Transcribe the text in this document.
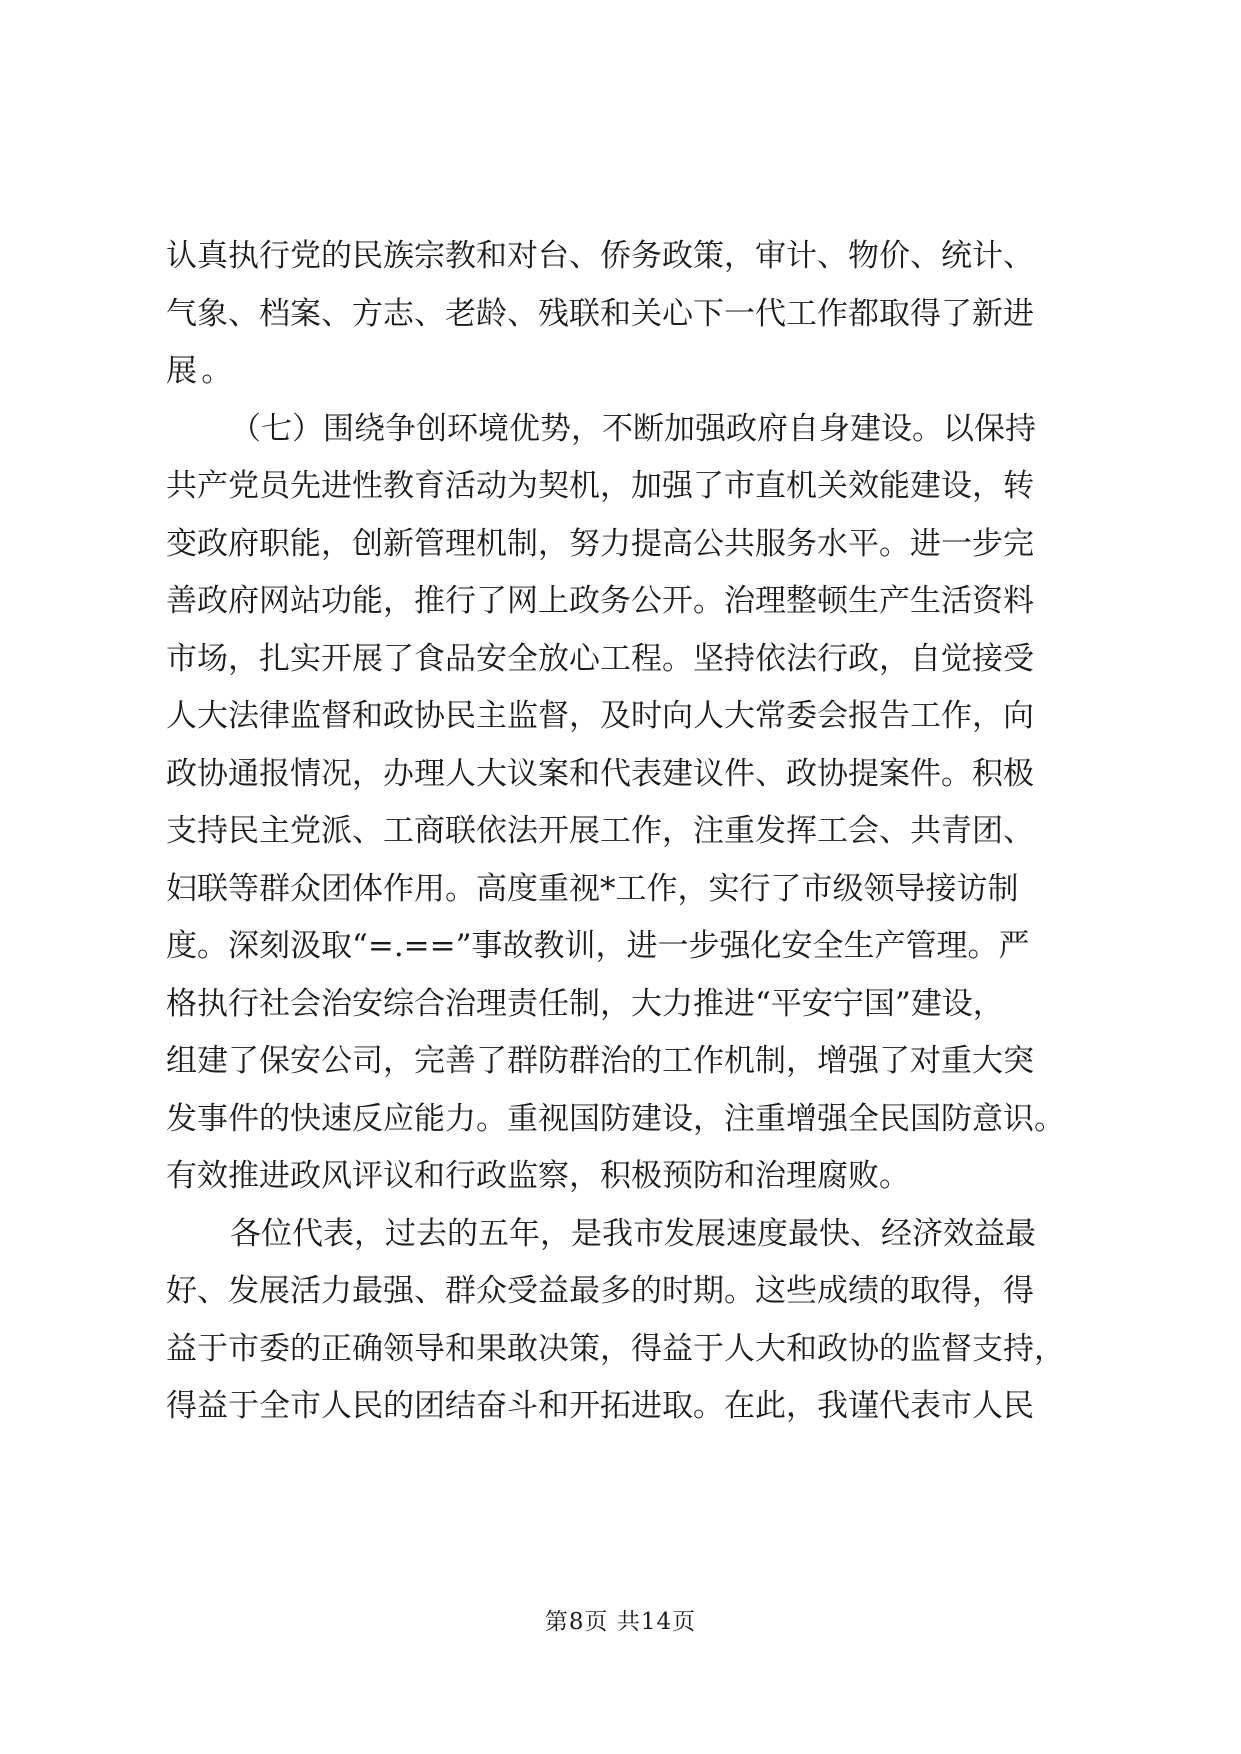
认真执行党的民族宗教和对台、侨务政策，审计、物价、统计、
气象、档案、方志、老龄、残联和关心下一代工作都取得了新进
展。
（七）围绕争创环境优势，不断加强政府自身建设。以保持
共产党员先进性教育活动为契机，加强了市直机关效能建设，转
变政府职能，创新管理机制，努力提高公共服务水平。进一步完
善政府网站功能，推行了网上政务公开。治理整顿生产生活资料
市场，扎实开展了食品安全放心工程。坚持依法行政，自觉接受
人大法律监督和政协民主监督，及时向人大常委会报告工作，向
政协通报情况，办理人大议案和代表建议件、政协提案件。积极
支持民主党派、工商联依法开展工作，注重发挥工会、共青团、
妇联等群众团体作用。高度重视*工作，实行了市级领导接访制
度。深刻汲取“=.==”事故教训，进一步强化安全生产管理。严
格执行社会治安综合治理责任制，大力推进“平安宁国”建设，
组建了保安公司，完善了群防群治的工作机制，增强了对重大突
发事件的快速反应能力。重视国防建设，注重增强全民国防意识。
有效推进政风评议和行政监察，积极预防和治理腐败。
各位代表，过去的五年，是我市发展速度最快、经济效益最
好、发展活力最强、群众受益最多的时期。这些成绩的取得，得
益于市委的正确领导和果敢决策，得益于人大和政协的监督支持，
得益于全市人民的团结奋斗和开拓进取。在此，我谨代表市人民
第8页 共14页
